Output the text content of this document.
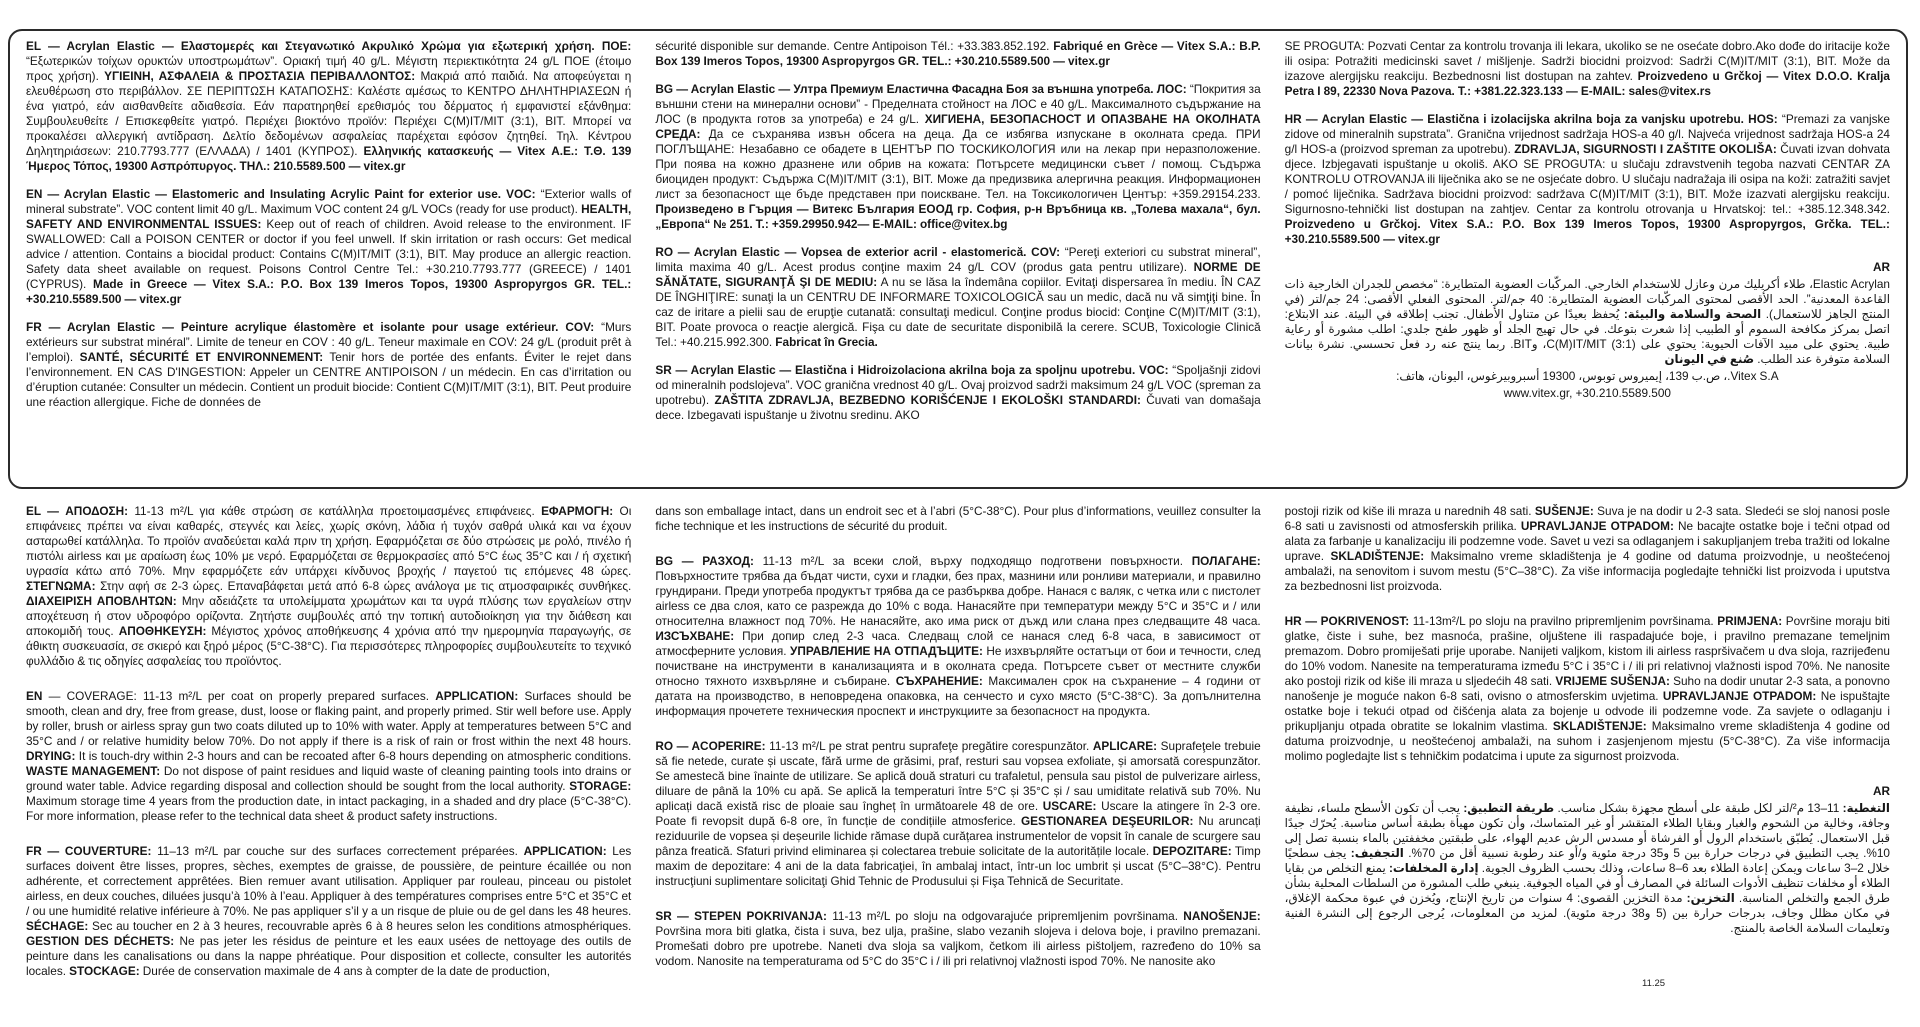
EL — Acrylan Elastic — Ελαστομερές και Στεγανωτικό Ακρυλικό Χρώμα για εξωτερική χρήση. ΠΟΕ: “Εξωτερικών τοίχων ορυκτών υποστρωμάτων”. Οριακή τιμή 40 g/L. Μέγιστη περιεκτικότητα 24 g/L ΠΟΕ (έτοιμο προς χρήση). ΥΓΙΕΙΝΗ, ΑΣΦΑΛΕΙΑ & ΠΡΟΣΤΑΣΙΑ ΠΕΡΙΒΑΛΛΟΝΤΟΣ: Μακριά από παιδιά. Να αποφεύγεται η ελευθέρωση στο περιβάλλον. ΣΕ ΠΕΡΙΠΤΩΣΗ ΚΑΤΑΠΟΣΗΣ: Καλέστε αμέσως το ΚΕΝΤΡΟ ΔΗΛΗΤΗΡΙΑΣΕΩΝ ή ένα γιατρό, εάν αισθανθείτε αδιαθεσία. Εάν παρατηρηθεί ερεθισμός του δέρματος ή εμφανιστεί εξάνθημα: Συμβουλευθείτε / Επισκεφθείτε γιατρό. Περιέχει βιοκτόνο προϊόν: Περιέχει C(M)IT/MIT (3:1), BIT. Μπορεί να προκαλέσει αλλεργική αντίδραση. Δελτίο δεδομένων ασφαλείας παρέχεται εφόσον ζητηθεί. Τηλ. Κέντρου Δηλητηριάσεων: 210.7793.777 (ΕΛΛΑΔΑ) / 1401 (ΚΥΠΡΟΣ). Ελληνικής κατασκευής — Vitex Α.Ε.: Τ.Θ. 139 Ήμερος Τόπος, 19300 Ασπρόπυργος. ΤΗΛ.: 210.5589.500 — vitex.gr

EN — Acrylan Elastic — Elastomeric and Insulating Acrylic Paint for exterior use. VOC: “Exterior walls of mineral substrate”. VOC content limit 40 g/L. Maximum VOC content 24 g/L VOCs (ready for use product). HEALTH, SAFETY AND ENVIRONMENTAL ISSUES: Keep out of reach of children. Avoid release to the environment. IF SWALLOWED: Call a POISON CENTER or doctor if you feel unwell. If skin irritation or rash occurs: Get medical advice / attention. Contains a biocidal product: Contains C(M)IT/MIT (3:1), BIT. May produce an allergic reaction. Safety data sheet available on request. Poisons Control Centre Tel.: +30.210.7793.777 (GREECE) / 1401 (CYPRUS). Made in Greece — Vitex S.A.: P.O. Box 139 Imeros Topos, 19300 Aspropyrgos GR. TEL.: +30.210.5589.500 — vitex.gr

FR — Acrylan Elastic — Peinture acrylique élastomère et isolante pour usage extérieur. COV: “Murs extérieurs sur substrat minéral”. Limite de teneur en COV : 40 g/L. Teneur maximale en COV: 24 g/L (produit prêt à l’emploi). SANTÉ, SÉCURITÉ ET ENVIRONNEMENT: Tenir hors de portée des enfants. Éviter le rejet dans l’environnement. EN CAS D'INGESTION: Appeler un CENTRE ANTIPOISON / un médecin. En cas d’irritation ou d’éruption cutanée: Consulter un médecin. Contient un produit biocide: Contient C(M)IT/MIT (3:1), BIT. Peut produire une réaction allergique. Fiche de données de

sécurité disponible sur demande. Centre Antipoison Tél.: +33.383.852.192. Fabriqué en Grèce — Vitex S.A.: B.P. Box 139 Imeros Topos, 19300 Aspropyrgos GR. TEL.: +30.210.5589.500 — vitex.gr

BG — Acrylan Elastic — Ултра Премиум Еластична Фасадна Боя за външна употреба. ЛОС: “Покрития за външни стени на минерални основи” - Пределната стойност на ЛОС е 40 g/L. Максималното съдържание на ЛОС (в продукта готов за употреба) е 24 g/L. ХИГИЕНА, БЕЗОПАСНОСТ И ОПАЗВАНЕ НА ОКОЛНАТА СРЕДА: Да се съхранява извън обсега на деца. Да се избягва изпускане в околната среда. ПРИ ПОГЛЪЩАНЕ: Незабавно се обадете в ЦЕНТЪР ПО ТОСКИКОЛОГИЯ или на лекар при неразположение. При поява на кожно дразнене или обрив на кожата: Потърсете медицински съвет / помощ. Съдържа биоциден продукт: Съдържа C(M)IT/MIT (3:1), BIT. Може да предизвика алергична реакция. Информационен лист за безопасност ще бъде представен при поискване. Тел. на Токсикологичен Център: +359.29154.233. Произведено в Гърция — Витекс България ЕООД гр. София, р-н Връбница кв. „Толева махала“, бул. „Европа“ № 251. Т.: +359.29950.942— E-MAIL: office@vitex.bg

RO — Acrylan Elastic — Vopsea de exterior acril - elastomerică. COV: “Pereţi exteriori cu substrat mineral”, limita maxima 40 g/L. Acest produs conţine maxim 24 g/L COV (produs gata pentru utilizare). NORME DE SĂNĂTATE, SIGURANŢĂ ŞI DE MEDIU: A nu se lăsa la îndemâna copiilor. Evitaţi dispersarea în mediu. ÎN CAZ DE ÎNGHIŢIRE: sunaţi la un CENTRU DE INFORMARE TOXICOLOGICĂ sau un medic, dacă nu vă simţiţi bine. În caz de iritare a pielii sau de erupţie cutanată: consultaţi medicul. Conţine produs biocid: Conţine C(M)IT/MIT (3:1), BIT. Poate provoca o reacţie alergică. Fişa cu date de securitate disponibilă la cerere. SCUB, Toxicologie Clinică Tel.: +40.215.992.300. Fabricat în Grecia.

SR — Acrylan Elastic — Elastična i Hidroizolaciona akrilna boja za spoljnu upotrebu. VOC: “Spoljašnji zidovi od mineralnih podslojeva”. VOC granična vrednost 40 g/L. Ovaj proizvod sadrži maksimum 24 g/L VOC (spreman za upotrebu). ZAŠTITA ZDRAVLJA, BEZBEDNO KORIŠĆENJE I EKOLOŠKI STANDARDI: Čuvati van domašaja dece. Izbegavati ispuštanje u životnu sredinu. AKO

SE PROGUTA: Pozvati Centar za kontrolu trovanja ili lekara, ukoliko se ne osećate dobro.Ako dođe do iritacije kože ili osipa: Potražiti medicinski savet / mišljenje. Sadrži biocidni proizvod: Sadrži C(M)IT/MIT (3:1), BIT. Može da izazove alergijsku reakciju. Bezbednosni list dostupan na zahtev. Proizvedeno u Grčkoj — Vitex D.O.O. Kralja Petra I 89, 22330 Nova Pazova. T.: +381.22.323.133 — E-MAIL: sales@vitex.rs

HR — Acrylan Elastic — Elastična i izolacijska akrilna boja za vanjsku upotrebu. HOS: “Premazi za vanjske zidove od mineralnih supstrata”. Granična vrijednost sadržaja HOS-a 40 g/l. Najveća vrijednost sadržaja HOS-a 24 g/l HOS-a (proizvod spreman za upotrebu). ZDRAVLJA, SIGURNOSTI I ZAŠTITE OKOLIŠA: Čuvati izvan dohvata djece. Izbjegavati ispuštanje u okoliš. AKO SE PROGUTA: u slučaju zdravstvenih tegoba nazvati CENTAR ZA KONTROLU OTROVANJA ili liječnika ako se ne osjećate dobro. U slučaju nadražaja ili osipa na koži: zatražiti savjet / pomoć liječnika. Sadržava biocidni proizvod: sadržava C(M)IT/MIT (3:1), BIT. Može izazvati alergijsku reakciju. Sigurnosno-tehnički list dostupan na zahtjev. Centar za kontrolu otrovanja u Hrvatskoj: tel.: +385.12.348.342. Proizvedeno u Grčkoj. Vitex S.A.: P.O. Box 139 Imeros Topos, 19300 Aspropyrgos, Grčka. TEL.: +30.210.5589.500 — vitex.gr

AR

Elastic Acrylan، طلاء أكريليك مرن وعازل للاستخدام الخارجي. المركّبات العضوية المتطايرة: “مخصص للجدران الخارجية ذات القاعدة المعدنية”. الحد الأقصى لمحتوى المركّبات العضوية المتطايرة: 40 جم/لتر. المحتوى الفعلي الأقصى: 24 جم/لتر (في المنتج الجاهز للاستعمال). الصحة والسلامة والبيئة: يُحفظ بعيدًا عن متناول الأطفال. تجنب إطلاقه في البيئة. عند الابتلاع: اتصل بمركز مكافحة السموم أو الطبيب إذا شعرت بتوعك. في حال تهيج الجلد أو ظهور طفح جلدي: اطلب مشورة أو رعاية طبية. يحتوي على مبيد الآفات الحيوية: يحتوي على C(M)IT/MIT (3:1)، وBIT. ربما ينتج عنه رد فعل تحسسي. نشرة بيانات السلامة متوفرة عند الطلب. صُنع في اليونان

Vitex S.A.، ص.ب 139، إيميروس توبوس، 19300 أسبروبيرغوس، اليونان، هاتف:

www.vitex.gr, +30.210.5589.500

EL — ΑΠΟΔΟΣΗ: 11-13 m²/L για κάθε στρώση σε κατάλληλα προετοιμασμένες επιφάνειες. ΕΦΑΡΜΟΓΗ: Οι επιφάνειες πρέπει να είναι καθαρές, στεγνές και λείες, χωρίς σκόνη, λάδια ή τυχόν σαθρά υλικά και να έχουν ασταρωθεί κατάλληλα. Το προϊόν αναδεύεται καλά πριν τη χρήση. Εφαρμόζεται σε δύο στρώσεις με ρολό, πινέλο ή πιστόλι airless και με αραίωση έως 10% με νερό. Εφαρμόζεται σε θερμοκρασίες από 5°C έως 35°C και / ή σχετική υγρασία κάτω από 70%. Μην εφαρμόζετε εάν υπάρχει κίνδυνος βροχής / παγετού τις επόμενες 48 ώρες. ΣΤΕΓΝΩΜΑ: Στην αφή σε 2-3 ώρες. Επαναβάφεται μετά από 6-8 ώρες ανάλογα με τις ατμοσφαιρικές συνθήκες. ΔΙΑΧΕΙΡΙΣΗ ΑΠΟΒΛΗΤΩΝ: Μην αδειάζετε τα υπολείμματα χρωμάτων και τα υγρά πλύσης των εργαλείων στην αποχέτευση ή στον υδροφόρο ορίζοντα. Ζητήστε συμβουλές από την τοπική αυτοδιοίκηση για την διάθεση και αποκομιδή τους. ΑΠΟΘΗΚΕΥΣΗ: Μέγιστος χρόνος αποθήκευσης 4 χρόνια από την ημερομηνία παραγωγής, σε άθικτη συσκευασία, σε σκιερό και ξηρό μέρος (5°C-38°C). Για περισσότερες πληροφορίες συμβουλευτείτε το τεχνικό φυλλάδιο & τις οδηγίες ασφαλείας του προϊόντος.

EN — COVERAGE: 11-13 m²/L per coat on properly prepared surfaces. APPLICATION: Surfaces should be smooth, clean and dry, free from grease, dust, loose or flaking paint, and properly primed. Stir well before use. Apply by roller, brush or airless spray gun two coats diluted up to 10% with water. Apply at temperatures between 5°C and 35°C and / or relative humidity below 70%. Do not apply if there is a risk of rain or frost within the next 48 hours. DRYING: It is touch-dry within 2-3 hours and can be recoated after 6-8 hours depending on atmospheric conditions. WASTE MANAGEMENT: Do not dispose of paint residues and liquid waste of cleaning painting tools into drains or ground water table. Advice regarding disposal and collection should be sought from the local authority. STORAGE: Maximum storage time 4 years from the production date, in intact packaging, in a shaded and dry place (5°C-38°C). For more information, please refer to the technical data sheet & product safety instructions.

FR — COUVERTURE: 11–13 m²/L par couche sur des surfaces correctement préparées. APPLICATION: Les surfaces doivent être lisses, propres, sèches, exemptes de graisse, de poussière, de peinture écaillée ou non adhérente, et correctement apprêtées. Bien remuer avant utilisation. Appliquer par rouleau, pinceau ou pistolet airless, en deux couches, diluées jusqu’à 10% à l’eau. Appliquer à des températures comprises entre 5°C et 35°C et / ou une humidité relative inférieure à 70%. Ne pas appliquer s’il y a un risque de pluie ou de gel dans les 48 heures. SÉCHAGE: Sec au toucher en 2 à 3 heures, recouvrable après 6 à 8 heures selon les conditions atmosphériques. GESTION DES DÉCHETS: Ne pas jeter les résidus de peinture et les eaux usées de nettoyage des outils de peinture dans les canalisations ou dans la nappe phréatique. Pour disposition et collecte, consulter les autorités locales. STOCKAGE: Durée de conservation maximale de 4 ans à compter de la date de production,

dans son emballage intact, dans un endroit sec et à l’abri (5°C-38°C). Pour plus d’informations, veuillez consulter la fiche technique et les instructions de sécurité du produit.

BG — РАЗХОД: 11-13 m²/L за всеки слой, върху подходящо подготвени повърхности. ПОЛАГАНЕ: Повърхностите трябва да бъдат чисти, сухи и гладки, без прах, мазнини или ронливи материали, и правилно грундирани. Преди употреба продуктът трябва да се разбърква добре. Нанася с валяк, с четка или с пистолет airless се два слоя, като се разрежда до 10% с вода. Нанасяйте при температури между 5°C и 35°C и / или относителна влажност под 70%. Не нанасяйте, ако има риск от дъжд или слана през следващите 48 часа. ИЗСЪХВАНЕ: При допир след 2-3 часа. Следващ слой се нанася след 6-8 часа, в зависимост от атмосферните условия. УПРАВЛЕНИЕ НА ОТПАДЪЦИТЕ: Не изхвърляйте остатъци от бои и течности, след почистване на инструменти в канализацията и в околната среда. Потърсете съвет от местните служби относно тяхното изхвърляне и събиране. СЪХРАНЕНИЕ: Максимален срок на съхранение – 4 години от датата на производство, в неповредена опаковка, на сенчесто и сухо място (5°C-38°C). За допълнителна информация прочетете техническия проспект и инструкциите за безопасност на продукта.

RO — ACOPERIRE: 11-13 m²/L pe strat pentru suprafeţe pregătire corespunzător. APLICARE: Suprafeţele trebuie să fie netede, curate și uscate, fără urme de grăsimi, praf, resturi sau vopsea exfoliate, și amorsată corespunzător. Se amestecă bine înainte de utilizare. Se aplică două straturi cu trafaletul, pensula sau pistol de pulverizare airless, diluare de până la 10% cu apă. Se aplică la temperaturi între 5°C și 35°C și / sau umiditate relativă sub 70%. Nu aplicați dacă există risc de ploaie sau îngheț în următoarele 48 de ore. USCARE: Uscare la atingere în 2-3 ore. Poate fi revopsit după 6-8 ore, în funcție de condițiile atmosferice. GESTIONAREA DEŞEURILOR: Nu aruncați reziduurile de vopsea și deșeurile lichide rămase după curățarea instrumentelor de vopsit în canale de scurgere sau pânza freatică. Sfaturi privind eliminarea și colectarea trebuie solicitate de la autoritățile locale. DEPOZITARE: Timp maxim de depozitare: 4 ani de la data fabricaţiei, în ambalaj intact, într-un loc umbrit și uscat (5°C–38°C). Pentru instrucţiuni suplimentare solicitaţi Ghid Tehnic de Produsului și Fişa Tehnică de Securitate.

SR — STEPEN POKRIVANJA: 11-13 m²/L po sloju na odgovarajuće pripremljenim površinama. NANOŠENJE: Površina mora biti glatka, čista i suva, bez ulja, prašine, slabo vezanih slojeva i delova boje, i pravilno premazani. Promešati dobro pre upotrebe. Naneti dva sloja sa valjkom, četkom ili airless pištoljem, razređeno do 10% sa vodom. Nanosite na temperaturama od 5°C do 35°C i / ili pri relativnoj vlažnosti ispod 70%. Ne nanosite ako

postoji rizik od kiše ili mraza u narednih 48 sati. SUŠENJE: Suva je na dodir u 2-3 sata. Sledeći se sloj nanosi posle 6-8 sati u zavisnosti od atmosferskih prilika. UPRAVLJANJE OTPADOM: Ne bacajte ostatke boje i tečni otpad od alata za farbanje u kanalizaciju ili podzemne vode. Savet u vezi sa odlaganjem i sakupljanjem treba tražiti od lokalne uprave. SKLADIŠTENJE: Maksimalno vreme skladištenja je 4 godine od datuma proizvodnje, u neoštećenoj ambalaži, na senovitom i suvom mestu (5°C–38°C). Za više informacija pogledajte tehnički list proizvoda i uputstva za bezbednosni list proizvoda.

HR — POKRIVENOST: 11-13m²/L po sloju na pravilno pripremljenim površinama. PRIMJENA: Površine moraju biti glatke, čiste i suhe, bez masnoća, prašine, oljuštene ili raspadajuće boje, i pravilno premazane temeljnim premazom. Dobro promiješati prije uporabe. Nanijeti valjkom, kistom ili airless raspršivačem u dva sloja, razrijeđenu do 10% vodom. Nanesite na temperaturama između 5°C i 35°C i / ili pri relativnoj vlažnosti ispod 70%. Ne nanosite ako postoji rizik od kiše ili mraza u sljedećih 48 sati. VRIJEME SUŠENJA: Suho na dodir unutar 2-3 sata, a ponovno nanošenje je moguće nakon 6-8 sati, ovisno o atmosferskim uvjetima. UPRAVLJANJE OTPADOM: Ne ispuštajte ostatke boje i tekući otpad od čišćenja alata za bojenje u odvode ili podzemne vode. Za savjete o odlaganju i prikupljanju otpada obratite se lokalnim vlastima. SKLADIŠTENJE: Maksimalno vreme skladištenja 4 godine od datuma proizvodnje, u neoštećenoj ambalaži, na suhom i zasjenjenom mjestu (5°C-38°C). Za više informacija molimo pogledajte list s tehničkim podatcima i upute za sigurnost proizvoda.

AR

التغطية: 11–13 م²/لتر لكل طبقة على أسطح مجهزة بشكل مناسب. طريقة التطبيق: يجب أن تكون الأسطح ملساء، نظيفة وجافة، وخالية من الشحوم والغبار وبقايا الطلاء المتقشر أو غير المتماسك، وأن تكون مهيأة بطبقة أساس مناسبة. يُحرّك جيدًا قبل الاستعمال. يُطبّق باستخدام الرول أو الفرشاة أو مسدس الرش عديم الهواء، على طبقتين مخففتين بالماء بنسبة تصل إلى 10%. يجب التطبيق في درجات حرارة بين 5 و35 درجة مئوية و/أو عند رطوبة نسبية أقل من 70%. التجفيف: يجف سطحيًا خلال 2–3 ساعات ويمكن إعادة الطلاء بعد 6–8 ساعات، وذلك بحسب الظروف الجوية. إدارة المخلفات: يمنع التخلص من بقايا الطلاء أو مخلفات تنظيف الأدوات السائلة في المصارف أو في المياه الجوفية. ينبغي طلب المشورة من السلطات المحلية بشأن طرق الجمع والتخلص المناسبة. التخزين: مدة التخزين القصوى: 4 سنوات من تاريخ الإنتاج، ويُخزن في عبوة محكمة الإغلاق، في مكان مظلل وجاف، بدرجات حرارة بين (5 و38 درجة مئوية). لمزيد من المعلومات، يُرجى الرجوع إلى النشرة الفنية وتعليمات السلامة الخاصة بالمنتج.

11.25
